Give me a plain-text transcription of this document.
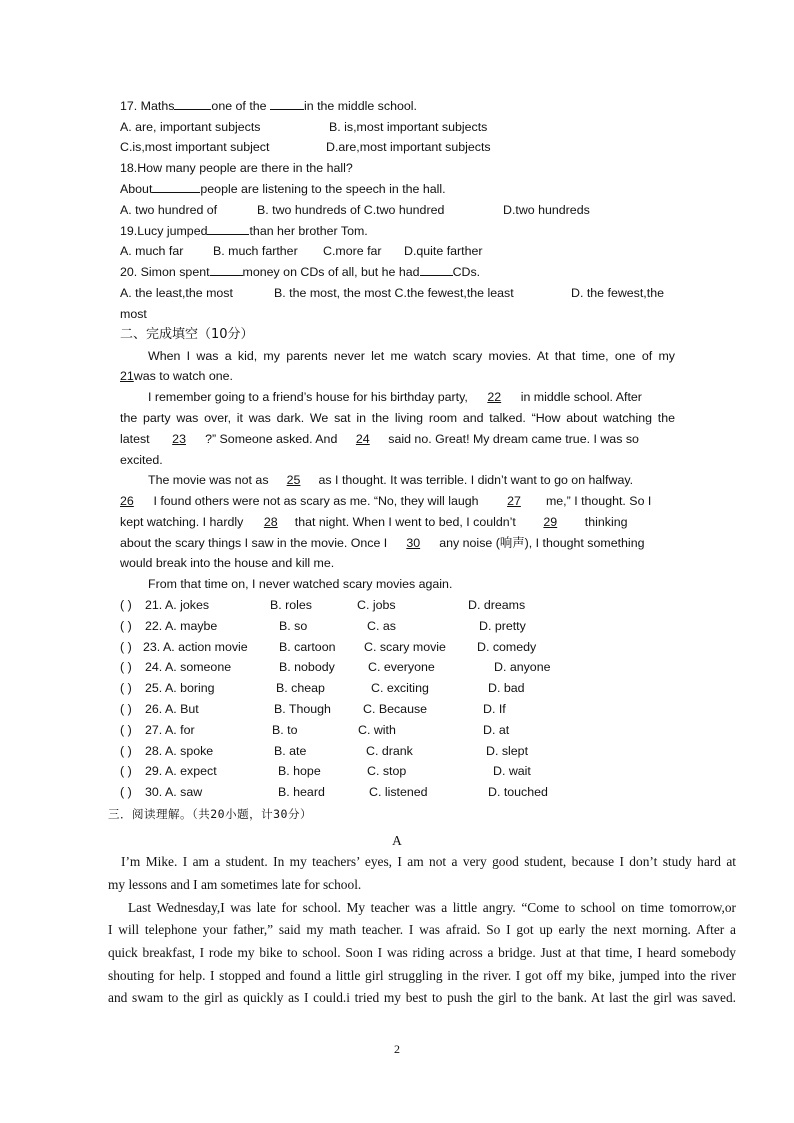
17. Maths	one of the	in the middle school.
A. are, important subjects	B. is,most important subjects
C.is,most important subject	D.are,most important subjects
18.How many people are there in the hall?
About	people are listening to the speech in the hall.
A. two hundred of	B. two hundreds of C.two hundred	D.two hundreds
19.Lucy jumped	than her brother Tom.
A. much far B. much farther C.more far D.quite farther
20. Simon spent	money on CDs of all, but he had	CDs.
A. the least,the most	B. the most, the most C.the fewest,the least	D. the fewest,the
most
二、完成填空（10分）
When I was a kid, my parents never let me watch scary movies. At that time, one of my
21was to watch one.
I remember going to a friend’s house for his birthday party, 22 in middle school. After
the party was over, it was dark. We sat in the living room and talked. “How about watching the
latest 23 ?” Someone asked. And 24 said no. Great! My dream came true. I was so
excited.
The movie was not as 25 as I thought. It was terrible. I didn’t want to go on halfway.
26 I found others were not as scary as me. “No, they will laugh 27 me,” I thought. So I
kept watching. I hardly 28 that night. When I went to bed, I couldn’t 29 thinking
about the scary things I saw in the movie. Once I 30 any noise (响声), I thought something
would break into the house and kill me.
From that time on, I never watched scary movies again.
( ) 21. A. jokes	B. roles	C. jobs	D. dreams
( ) 22. A. maybe	B. so	C. as	D. pretty
( ) 23. A. action movie	B. cartoon C. scary movie	D. comedy
( ) 24. A. someone	B. nobody	C. everyone	D. anyone
( ) 25. A. boring	B. cheap	C. exciting	D. bad
( ) 26. A. But	B. Though	C. Because	D. If
( ) 27. A. for	B. to	C. with	D. at
( ) 28. A. spoke	B. ate	C. drank	D. slept
( ) 29. A. expect	B. hope	C. stop	D. wait
( ) 30. A. saw	B. heard	C. listened	D. touched
三．阅读理解。（共20小题，计30分）
A
I’m Mike. I am a student. In my teachers’ eyes, I am not a very good student, because I don’t study hard at
my lessons and I am sometimes late for school.
Last Wednesday,I was late for school. My teacher was a little angry. “Come to school on time tomorrow,or
I will telephone your father,” said my math teacher. I was afraid. So I got up early the next morning. After a
quick breakfast, I rode my bike to school. Soon I was riding across a bridge. Just at that time, I heard somebody
shouting for help. I stopped and found a little girl struggling in the river. I got off my bike, jumped into the river
and swam to the girl as quickly as I could.i tried my best to push the girl to the bank. At last the girl was saved.
2
